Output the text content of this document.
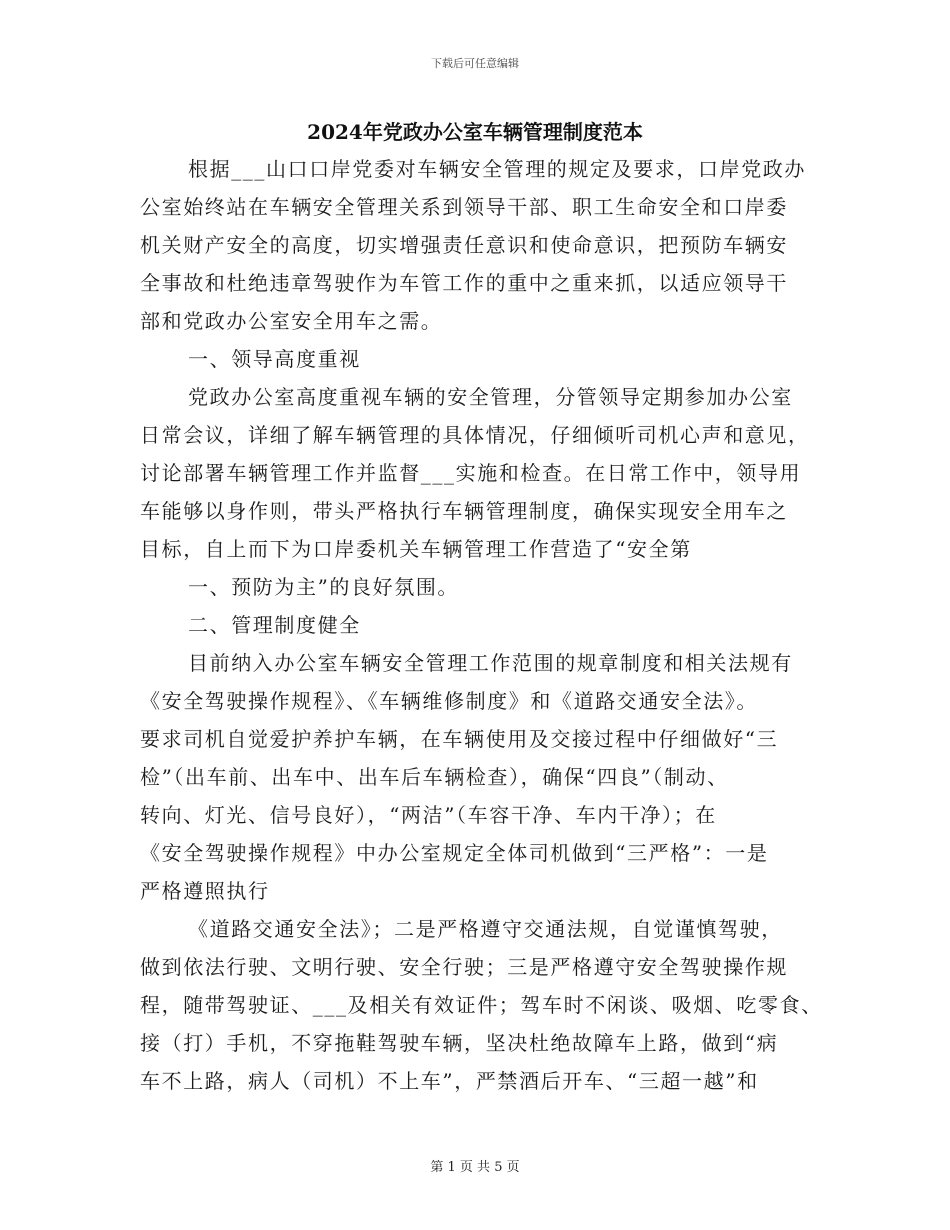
下载后可任意编辑
2024年党政办公室车辆管理制度范本
根据___山口口岸党委对车辆安全管理的规定及要求，口岸党政办
公室始终站在车辆安全管理关系到领导干部、职工生命安全和口岸委
机关财产安全的高度，切实增强责任意识和使命意识，把预防车辆安
全事故和杜绝违章驾驶作为车管工作的重中之重来抓，以适应领导干
部和党政办公室安全用车之需。
一、领导高度重视
党政办公室高度重视车辆的安全管理，分管领导定期参加办公室
日常会议，详细了解车辆管理的具体情况，仔细倾听司机心声和意见，
讨论部署车辆管理工作并监督___实施和检查。在日常工作中，领导用
车能够以身作则，带头严格执行车辆管理制度，确保实现安全用车之
目标，自上而下为口岸委机关车辆管理工作营造了“安全第
一、预防为主”的良好氛围。
二、管理制度健全
目前纳入办公室车辆安全管理工作范围的规章制度和相关法规有
《安全驾驶操作规程》、《车辆维修制度》和《道路交通安全法》。
要求司机自觉爱护养护车辆，在车辆使用及交接过程中仔细做好“三
检”（出车前、出车中、出车后车辆检查），确保“四良”（制动、
转向、灯光、信号良好），“两洁”（车容干净、车内干净）；在
《安全驾驶操作规程》中办公室规定全体司机做到“三严格”：一是
严格遵照执行
《道路交通安全法》；二是严格遵守交通法规，自觉谨慎驾驶，
做到依法行驶、文明行驶、安全行驶；三是严格遵守安全驾驶操作规
程，随带驾驶证、___及相关有效证件；驾车时不闲谈、吸烟、吃零食、
接（打）手机，不穿拖鞋驾驶车辆，坚决杜绝故障车上路，做到“病
车不上路，病人（司机）不上车”，严禁酒后开车、“三超一越”和
第 1 页 共 5 页
